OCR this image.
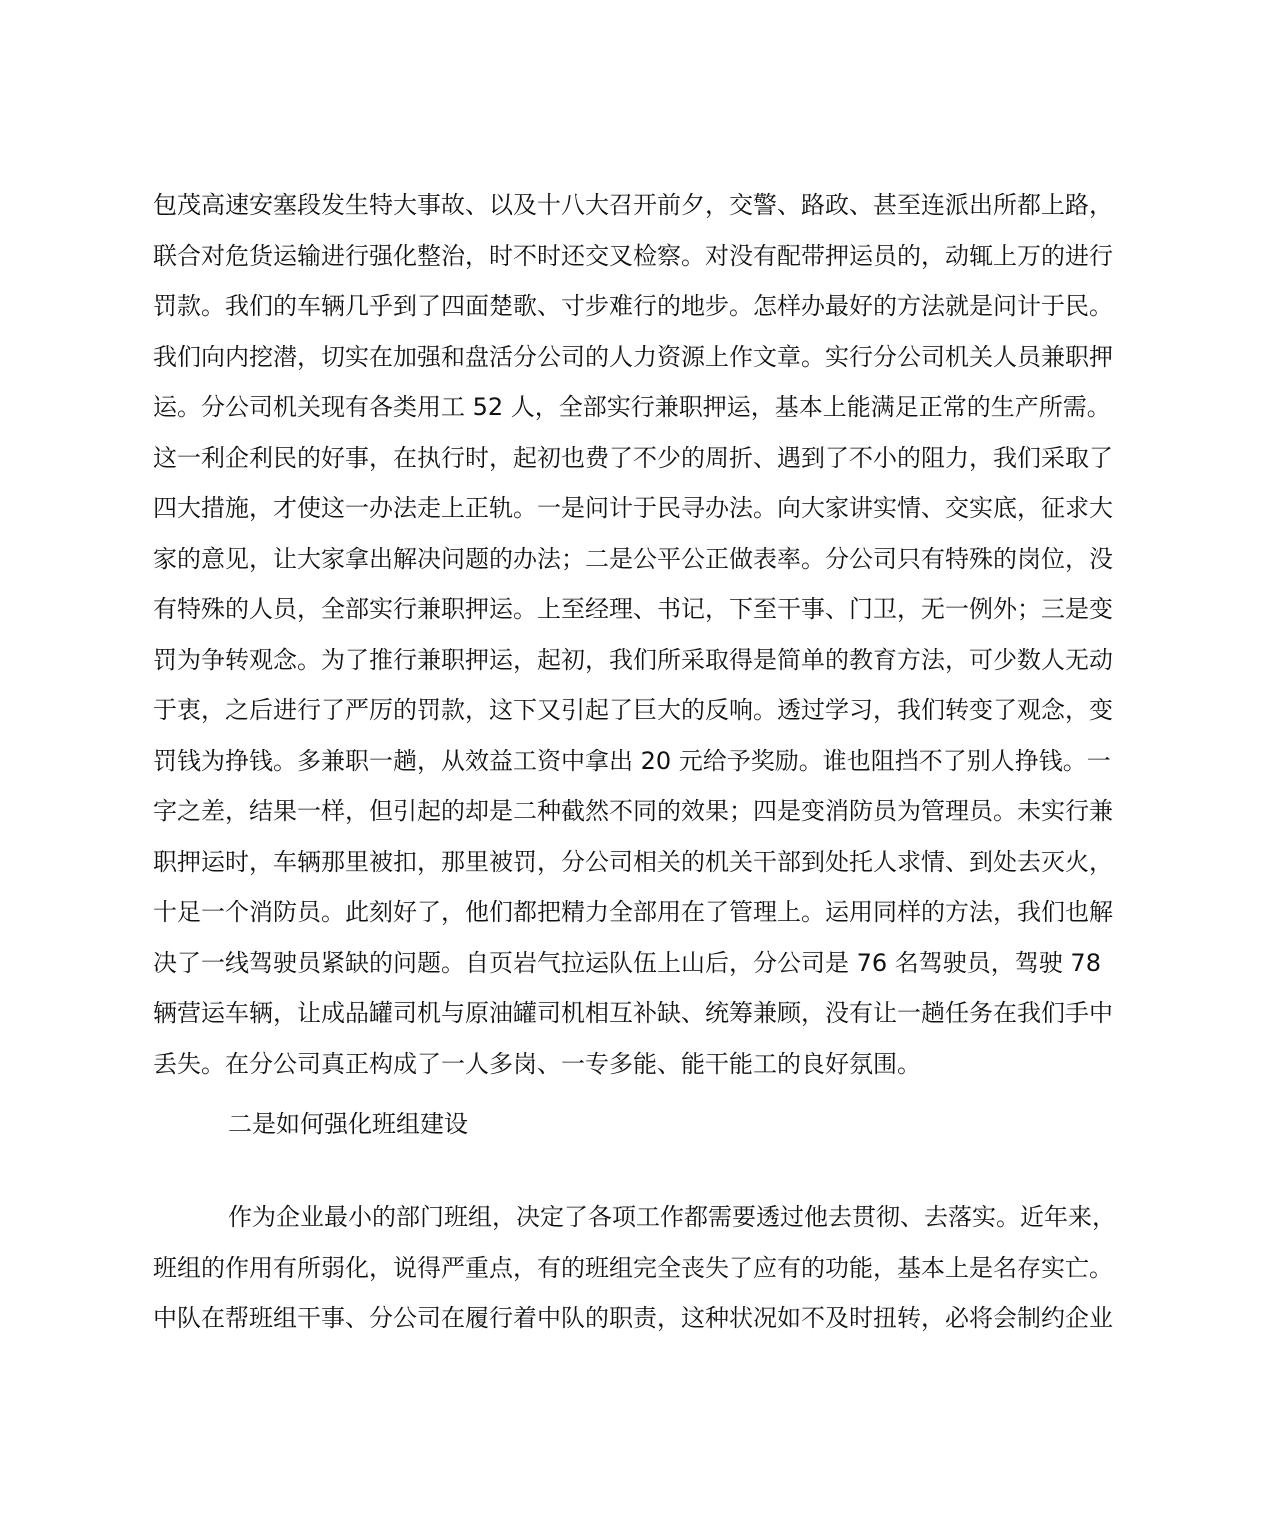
包茂高速安塞段发生特大事故、以及十八大召开前夕，交警、路政、甚至连派出所都上路，
联合对危货运输进行强化整治，时不时还交叉检察。对没有配带押运员的，动辄上万的进行
罚款。我们的车辆几乎到了四面楚歌、寸步难行的地步。怎样办最好的方法就是问计于民。
我们向内挖潜，切实在加强和盘活分公司的人力资源上作文章。实行分公司机关人员兼职押
运。分公司机关现有各类用工 52 人，全部实行兼职押运，基本上能满足正常的生产所需。
这一利企利民的好事，在执行时，起初也费了不少的周折、遇到了不小的阻力，我们采取了
四大措施，才使这一办法走上正轨。一是问计于民寻办法。向大家讲实情、交实底，征求大
家的意见，让大家拿出解决问题的办法；二是公平公正做表率。分公司只有特殊的岗位，没
有特殊的人员，全部实行兼职押运。上至经理、书记，下至干事、门卫，无一例外；三是变
罚为争转观念。为了推行兼职押运，起初，我们所采取得是简单的教育方法，可少数人无动
于衷，之后进行了严厉的罚款，这下又引起了巨大的反响。透过学习，我们转变了观念，变
罚钱为挣钱。多兼职一趟，从效益工资中拿出 20 元给予奖励。谁也阻挡不了别人挣钱。一
字之差，结果一样，但引起的却是二种截然不同的效果；四是变消防员为管理员。未实行兼
职押运时，车辆那里被扣，那里被罚，分公司相关的机关干部到处托人求情、到处去灭火，
十足一个消防员。此刻好了，他们都把精力全部用在了管理上。运用同样的方法，我们也解
决了一线驾驶员紧缺的问题。自页岩气拉运队伍上山后，分公司是 76 名驾驶员，驾驶 78
辆营运车辆，让成品罐司机与原油罐司机相互补缺、统筹兼顾，没有让一趟任务在我们手中
丢失。在分公司真正构成了一人多岗、一专多能、能干能工的良好氛围。
二是如何强化班组建设
作为企业最小的部门班组，决定了各项工作都需要透过他去贯彻、去落实。近年来，
班组的作用有所弱化，说得严重点，有的班组完全丧失了应有的功能，基本上是名存实亡。
中队在帮班组干事、分公司在履行着中队的职责，这种状况如不及时扭转，必将会制约企业
